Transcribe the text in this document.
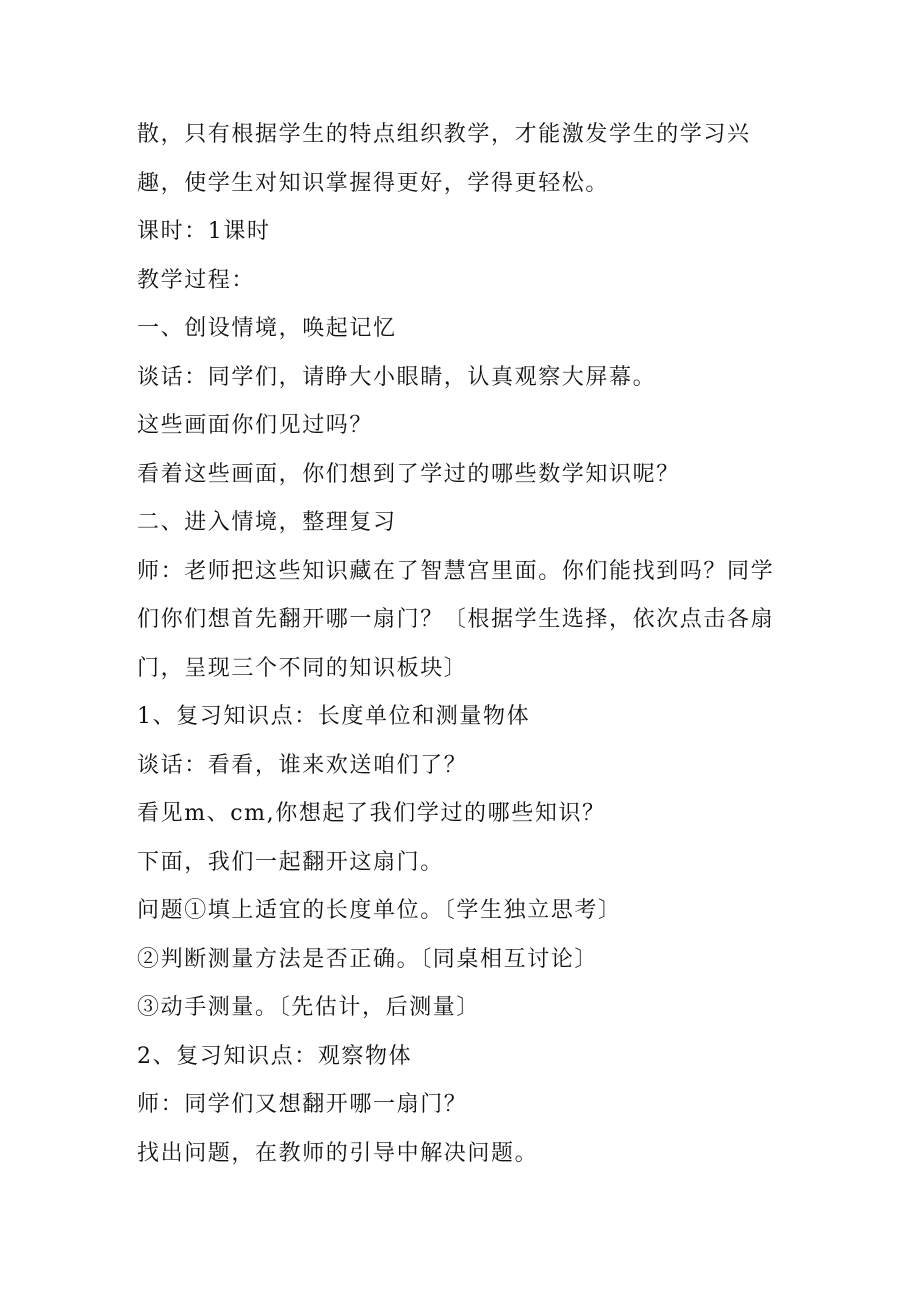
散，只有根据学生的特点组织教学，才能激发学生的学习兴
趣，使学生对知识掌握得更好，学得更轻松。
课时：1课时
教学过程：
一、创设情境，唤起记忆
谈话：同学们，请睁大小眼睛，认真观察大屏幕。
这些画面你们见过吗？
看着这些画面，你们想到了学过的哪些数学知识呢？
二、进入情境，整理复习
师：老师把这些知识藏在了智慧宫里面。你们能找到吗？同学
们你们想首先翻开哪一扇门？〔根据学生选择，依次点击各扇
门，呈现三个不同的知识板块〕
1、复习知识点：长度单位和测量物体
谈话：看看，谁来欢送咱们了？
看见m、cm,你想起了我们学过的哪些知识？
下面，我们一起翻开这扇门。
问题①填上适宜的长度单位。〔学生独立思考〕
②判断测量方法是否正确。〔同桌相互讨论〕
③动手测量。〔先估计，后测量〕
2、复习知识点：观察物体
师：同学们又想翻开哪一扇门？
找出问题，在教师的引导中解决问题。
